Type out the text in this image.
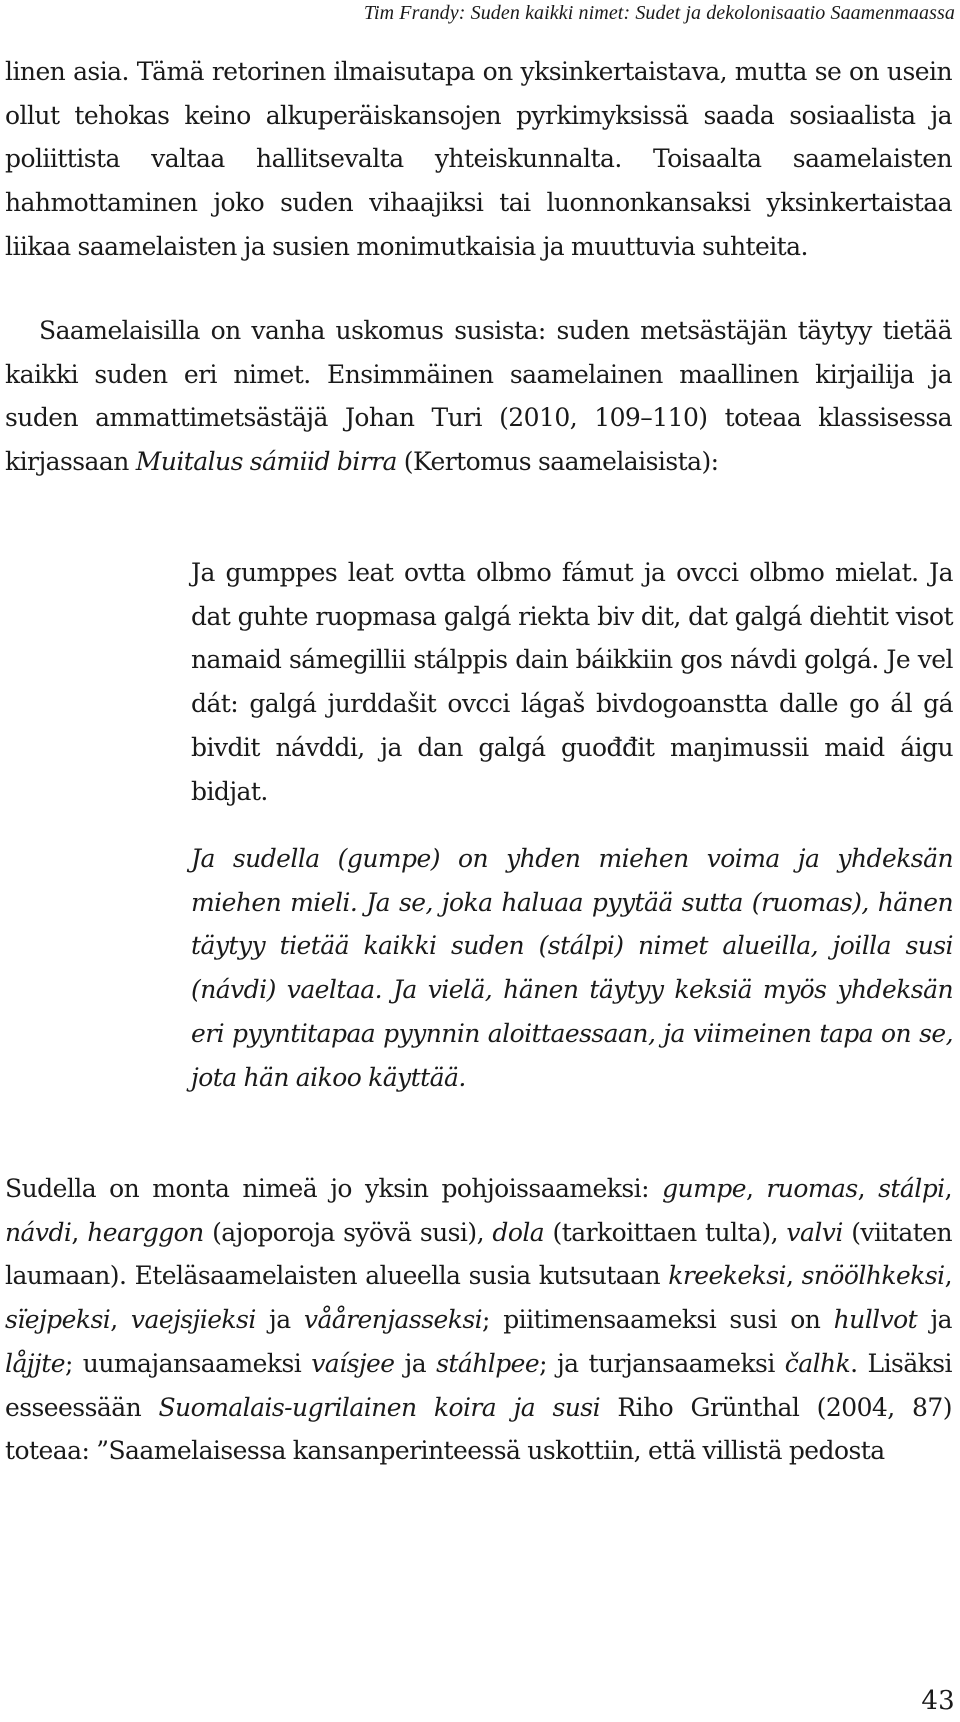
Tim Frandy: Suden kaikki nimet: Sudet ja dekolonisaatio Saamenmaassa

linen asia. Tämä retorinen ilmaisutapa on yksinkertaistava, mutta se on usein ollut tehokas keino alkuperäiskansojen pyrkimyksissä saada sosiaalista ja poliittista valtaa hallitsevalta yhteiskunnalta. Toisaalta saamelaisten hahmottaminen joko suden vihaajiksi tai luonnonkansaksi yksinkertaistaa liikaa saamelaisten ja susien monimutkaisia ja muuttuvia suhteita.

Saamelaisilla on vanha uskomus susista: suden metsästäjän täytyy tietää kaikki suden eri nimet. Ensimmäinen saamelainen maallinen kirjailija ja suden ammattimetsästäjä Johan Turi (2010, 109–110) toteaa klassisessa kirjassaan Muitalus sámiid birra (Kertomus saamelaisista):

Ja gumppes leat ovtta olbmo fámut ja ovcci olbmo mielat. Ja dat guhte ruopmasa galgá riekta biv dit, dat galgá diehtit visot namaid sámegillii stálppis dain báikkiin gos návdi golgá. Je vel dát: galgá jurddašit ovcci lágaš bivdogoanstta dalle go ál gá bivdit návddi, ja dan galgá guođđit maŋimussii maid áigu bidjat.

Ja sudella (gumpe) on yhden miehen voima ja yhdeksän miehen mieli. Ja se, joka haluaa pyytää sutta (ruomas), hänen täytyy tietää kaikki suden (stálpi) nimet alueilla, joilla susi (návdi) vaeltaa. Ja vielä, hänen täytyy keksiä myös yhdeksän eri pyyntitapaa pyynnin aloittaessaan, ja viimeinen tapa on se, jota hän aikoo käyttää.

Sudella on monta nimeä jo yksin pohjoissaameksi: gumpe, ruomas, stálpi, návdi, hearggon (ajoporoja syövä susi), dola (tarkoittaen tulta), valvi (viitaten laumaan). Eteläsaamelaisten alueella susia kutsutaan kreekeksi, snöölhkeksi, sïejpeksi, vaejsjieksi ja våårenjasseksi; piitimensaameksi susi on hullvot ja låjjte; uumajansaameksi vaísjee ja stáhlpee; ja turjansaameksi čalhk. Lisäksi esseessään Suomalais-ugrilainen koira ja susi Riho Grünthal (2004, 87) toteaa: ”Saamelaisessa kansanperinteessä uskottiin, että villistä pedosta

43
